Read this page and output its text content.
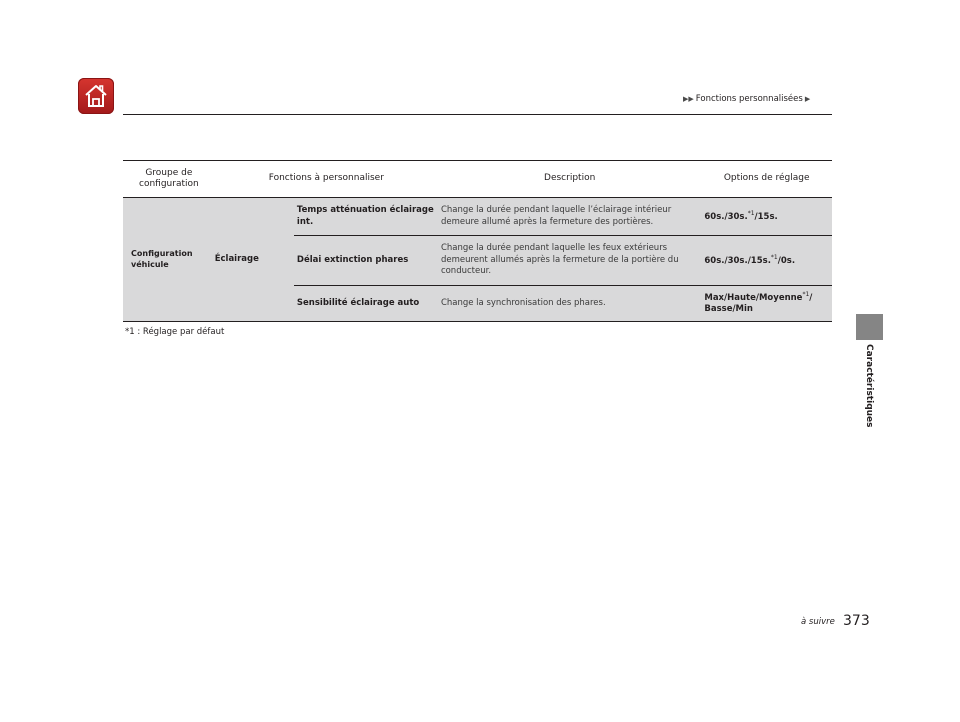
▶▶ Fonctions personnalisées ▶
Caractéristiques
Groupe de configuration	Fonctions à personnaliser		Description	Options de réglage
Configuration véhicule	Éclairage	Temps atténuation éclairage int.	Change la durée pendant laquelle l’éclairage intérieur demeure allumé après la fermeture des portières.	60s./30s.$^{*1}$/15s.
		Délai extinction phares	Change la durée pendant laquelle les feux extérieurs demeurent allumés après la fermeture de la portière du conducteur.	60s./30s./15s.$^{*1}$/0s.
		Sensibilité éclairage auto	Change la synchronisation des phares.	Max/Haute/Moyenne$^{*1}$/ Basse/Min
*1 : Réglage par défaut
à suivre 373
